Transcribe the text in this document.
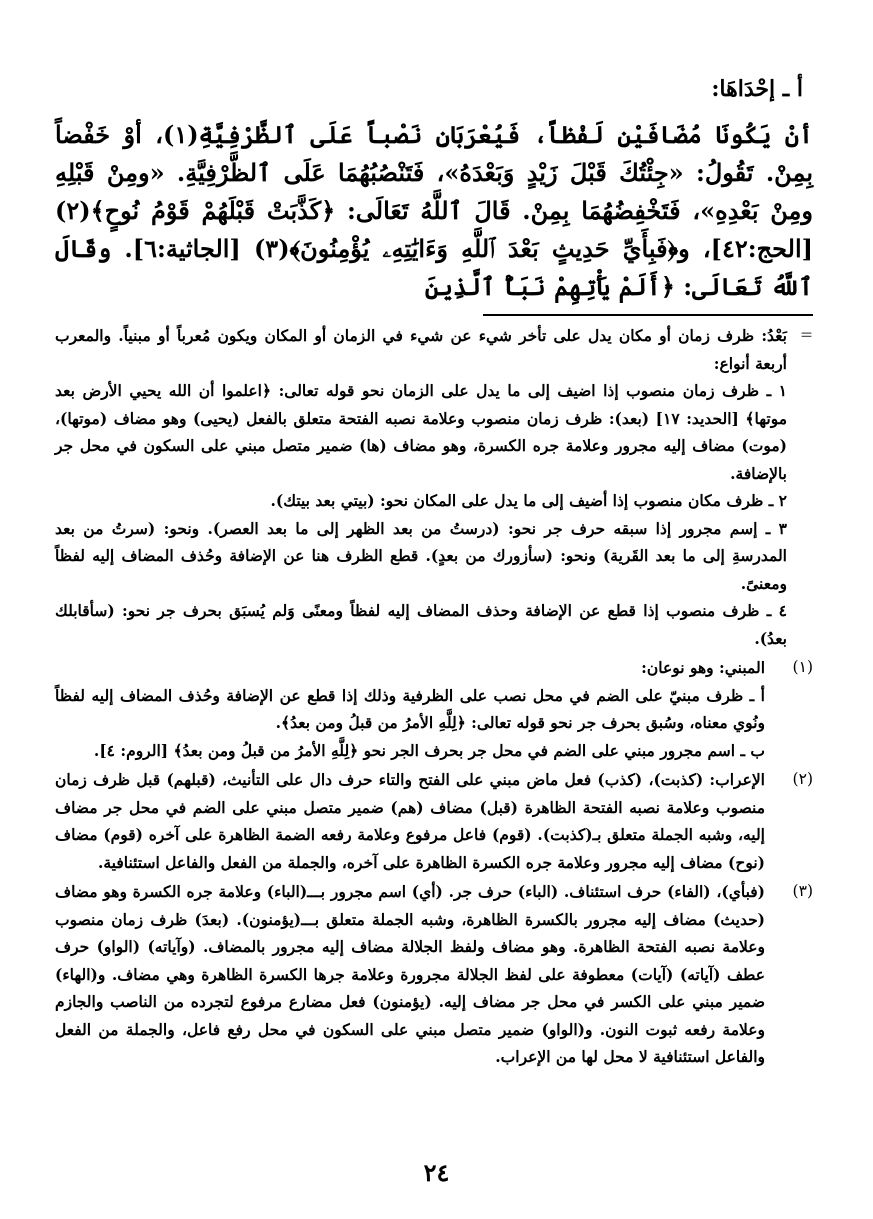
أ ـ إحْدَاهَا:
أنْ يَكُونَا مُضَافَيْنِ لَفْظاً، فَيُعْرَبَانِ نَصْباً عَلَى ٱلظَّرْفِيَّةِ(١)، أوْ خَفْضاً بِمِنْ. تَقُولُ: «جِئْتُكَ قَبْلَ زَيْدٍ وَبَعْدَهُ»، فَتَنْصُبُهُمَا عَلَى ٱلظَّرْفِيَّةِ. «ومِنْ قَبْلِهِ ومِنْ بَعْدِهِ»، فَتَخْفِضُهُمَا بِمِنْ. قَالَ ٱللَّهُ تَعَالَى: ﴿كَذَّبَتْ قَبْلَهُمْ قَوْمُ نُوحٍ﴾(٢) [الحج:٤٢]، و﴿فَبِأَيِّ حَدِيثٍ بَعْدَ ٱللَّهِ وَءَايَٰتِهِۦ يُؤْمِنُونَ﴾(٣) [الجاثية:٦]. وقَالَ ٱللَّهُ تَعَالَى: ﴿أَلَمْ يَأْتِهِمْ نَبَأُ ٱلَّذِينَ
=

بَعْدُ: ظرف زمان أو مكان يدل على تأخر شيء عن شيء في الزمان أو المكان ويكون مُعرباً أو مبنياً. والمعرب أربعة أنواع:

١ ـ ظرف زمان منصوب إذا اضيف إلى ما يدل على الزمان نحو قوله تعالى: ﴿اعلموا أن الله يحيي الأرض بعد موتها﴾ [الحديد: ١٧] (بعد): ظرف زمان منصوب وعلامة نصبه الفتحة متعلق بالفعل (يحيى) وهو مضاف (موتها)، (موت) مضاف إليه مجرور وعلامة جره الكسرة، وهو مضاف (ها) ضمير متصل مبني على السكون في محل جر بالإضافة.

٢ ـ ظرف مكان منصوب إذا أضيف إلى ما يدل على المكان نحو: (بيتي بعد بيتك).

٣ ـ إسم مجرور إذا سبقه حرف جر نحو: (درستُ من بعد الظهر إلى ما بعد العصر). ونحو: (سرتُ من بعد المدرسةِ إلى ما بعد القَرية) ونحو: (سأزورك من بعدٍ). قطع الظرف هنا عن الإضافة وحُذف المضاف إليه لفظاً ومعنىً.

٤ ـ ظرف منصوب إذا قطع عن الإضافة وحذف المضاف إليه لفظاً ومعنًى وَلم يُسبَق بحرف جر نحو: (سأقابلك بعدُ).

(١)

المبني: وهو نوعان:

أ ـ ظرف مبنيّ على الضم في محل نصب على الظرفية وذلك إذا قطع عن الإضافة وحُذف المضاف إليه لفظاً ونُوي معناه، وسُبق بحرف جر نحو قوله تعالى: ﴿لِلَّهِ الأمرُ من قبلُ ومن بعدُ﴾.

ب ـ اسم مجرور مبني على الضم في محل جر بحرف الجر نحو ﴿لِلَّهِ الأمرُ من قبلُ ومن بعدُ﴾ [الروم: ٤].

(٢)

الإعراب: (كذبت)، (كذب) فعل ماض مبني على الفتح والتاء حرف دال على التأنيث، (قبلهم) قبل ظرف زمان منصوب وعلامة نصبه الفتحة الظاهرة (قبل) مضاف (هم) ضمير متصل مبني على الضم في محل جر مضاف إليه، وشبه الجملة متعلق بـ(كذبت). (قوم) فاعل مرفوع وعلامة رفعه الضمة الظاهرة على آخره (قوم) مضاف (نوح) مضاف إليه مجرور وعلامة جره الكسرة الظاهرة على آخره، والجملة من الفعل والفاعل استئنافية.

(٣)

(فبأي)، (الفاء) حرف استئناف. (الباء) حرف جر. (أي) اسم مجرور بـــ(الباء) وعلامة جره الكسرة وهو مضاف (حديث) مضاف إليه مجرور بالكسرة الظاهرة، وشبه الجملة متعلق بـــ(يؤمنون). (بعدَ) ظرف زمان منصوب وعلامة نصبه الفتحة الظاهرة. وهو مضاف ولفظ الجلالة مضاف إليه مجرور بالمضاف. (وآياته) (الواو) حرف عطف (آياته) (آيات) معطوفة على لفظ الجلالة مجرورة وعلامة جرها الكسرة الظاهرة وهي مضاف. و(الهاء) ضمير مبني على الكسر في محل جر مضاف إليه. (يؤمنون) فعل مضارع مرفوع لتجرده من الناصب والجازم وعلامة رفعه ثبوت النون. و(الواو) ضمير متصل مبني على السكون في محل رفع فاعل، والجملة من الفعل والفاعل استئنافية لا محل لها من الإعراب.

٢٤
